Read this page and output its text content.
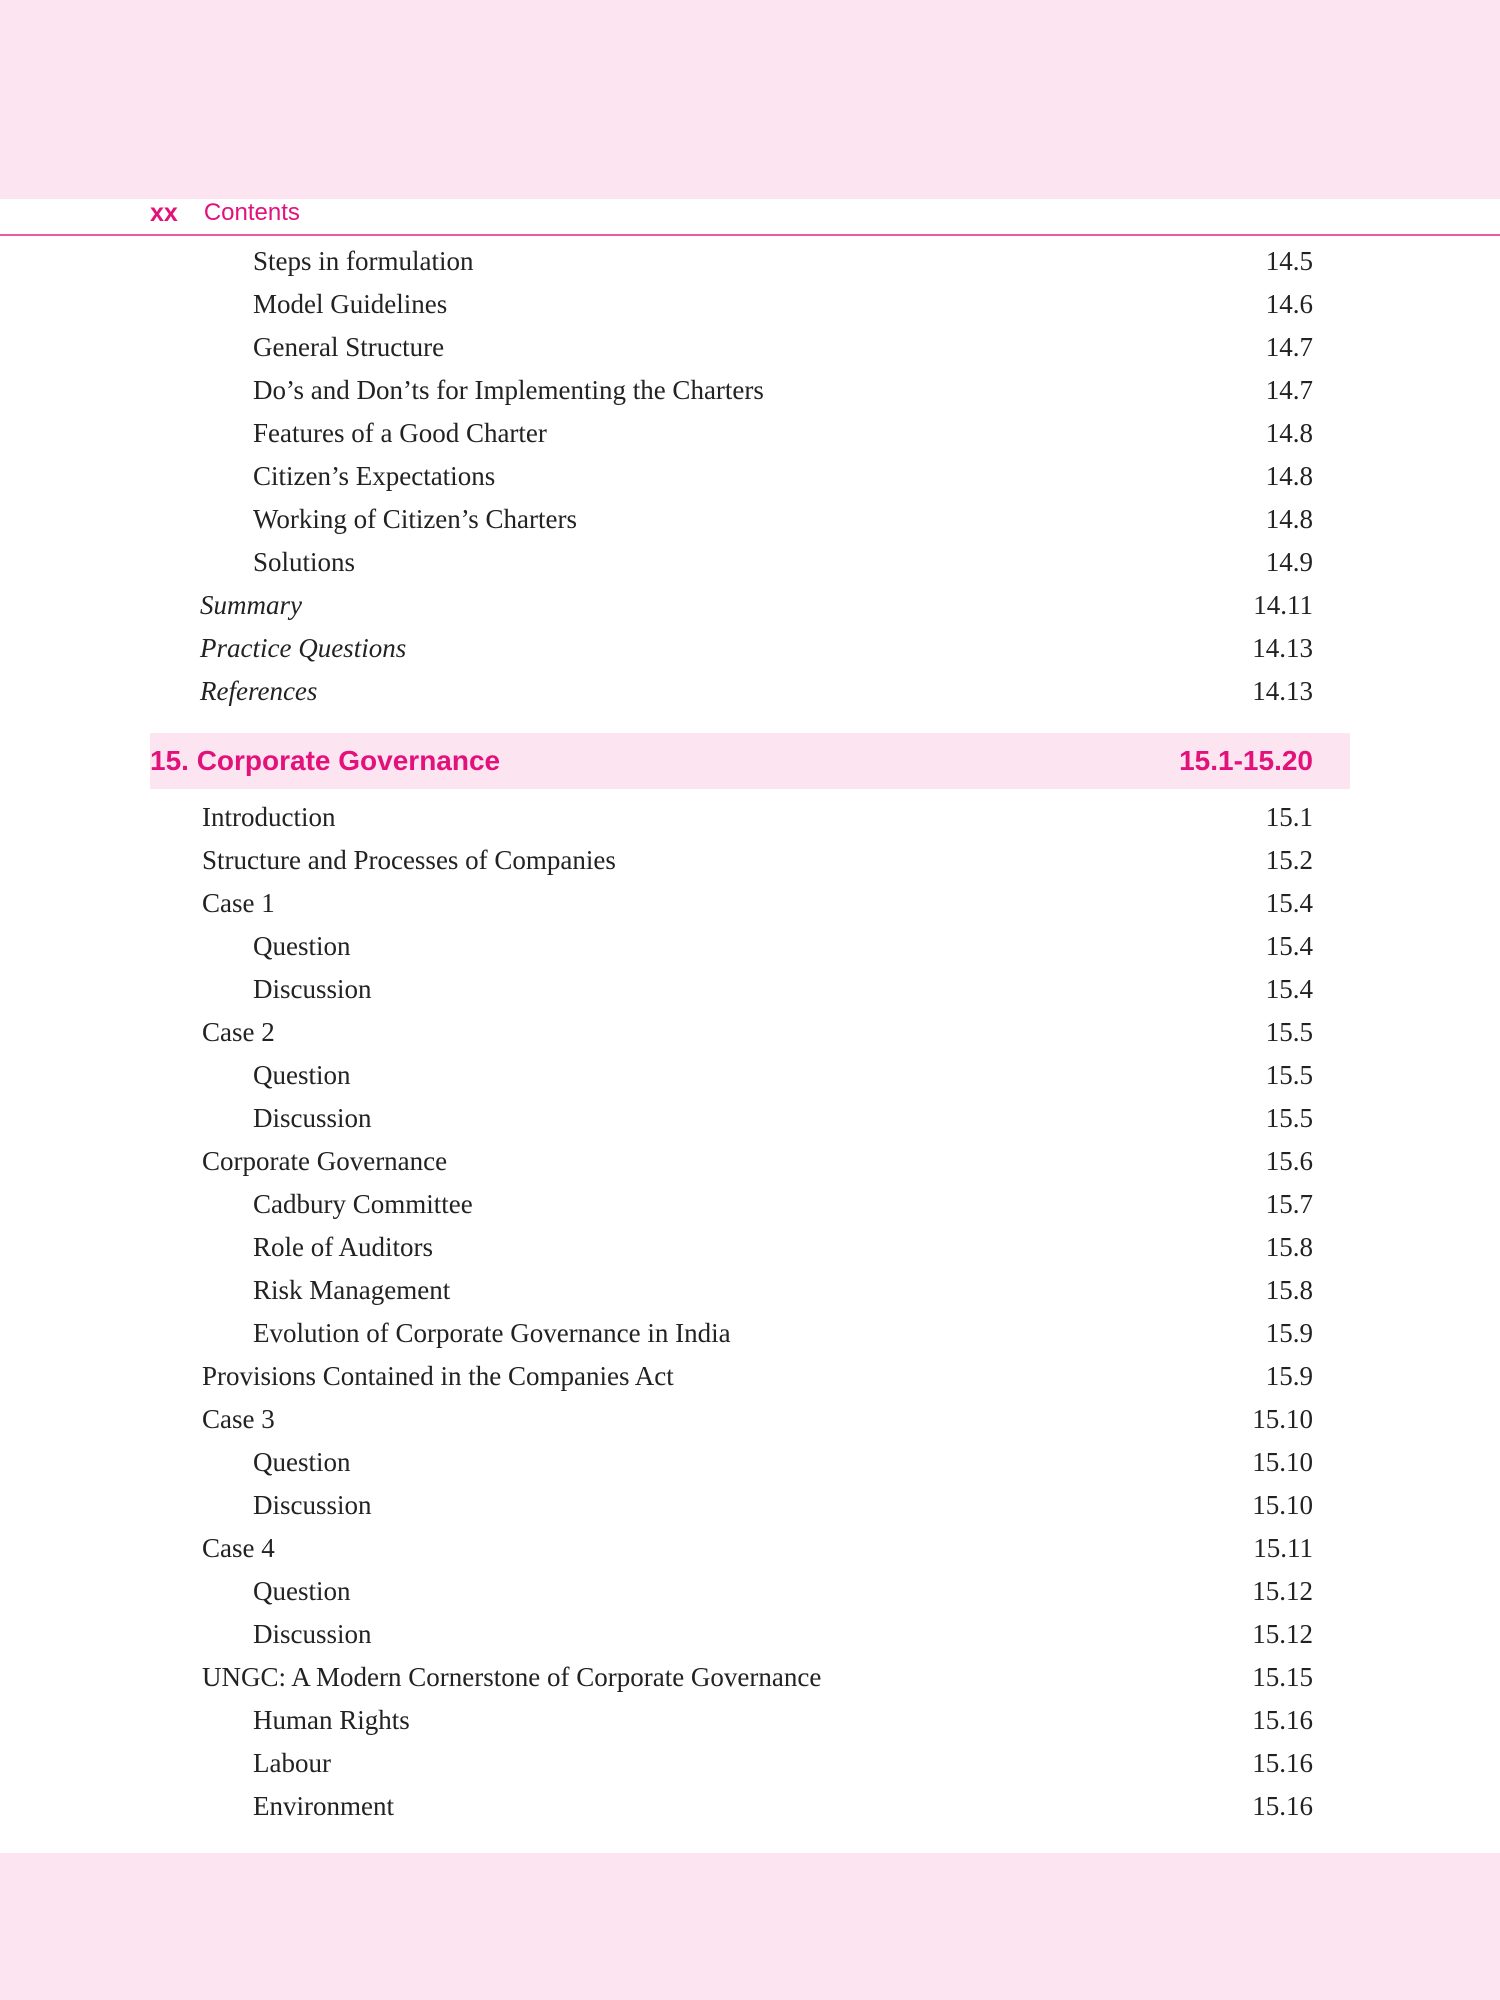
xx Contents
Steps in formulation	14.5
Model Guidelines	14.6
General Structure	14.7
Do’s and Don’ts for Implementing the Charters	14.7
Features of a Good Charter	14.8
Citizen’s Expectations	14.8
Working of Citizen’s Charters	14.8
Solutions	14.9
Summary	14.11
Practice Questions	14.13
References	14.13
15. Corporate Governance	15.1-15.20
Introduction	15.1
Structure and Processes of Companies	15.2
Case 1	15.4
Question	15.4
Discussion	15.4
Case 2	15.5
Question	15.5
Discussion	15.5
Corporate Governance	15.6
Cadbury Committee	15.7
Role of Auditors	15.8
Risk Management	15.8
Evolution of Corporate Governance in India	15.9
Provisions Contained in the Companies Act	15.9
Case 3	15.10
Question	15.10
Discussion	15.10
Case 4	15.11
Question	15.12
Discussion	15.12
UNGC: A Modern Cornerstone of Corporate Governance	15.15
Human Rights	15.16
Labour	15.16
Environment	15.16
